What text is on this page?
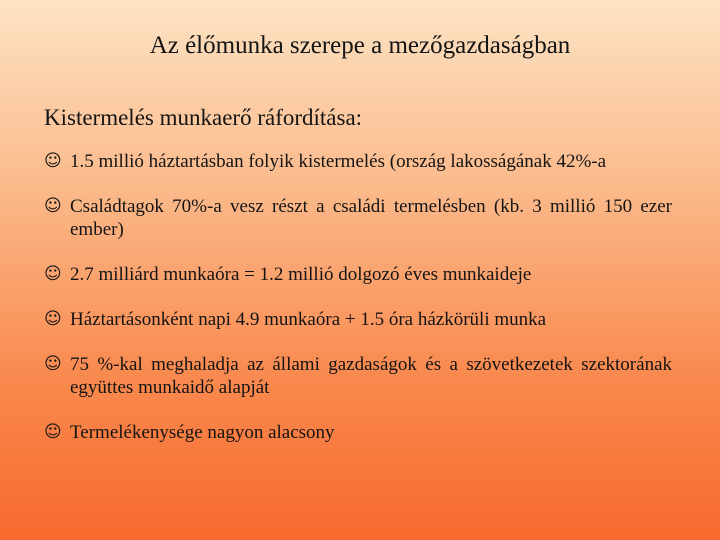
Az élőmunka szerepe a mezőgazdaságban
Kistermelés munkaerő ráfordítása:
☺ 1.5 millió háztartásban folyik kistermelés (ország lakosságának 42%-a
☺ Családtagok 70%-a vesz részt a családi termelésben (kb. 3 millió 150 ezer ember)
☺ 2.7 milliárd munkaóra = 1.2 millió dolgozó éves munkaideje
☺ Háztartásonként napi 4.9 munkaóra + 1.5 óra házkörüli munka
☺ 75 %-kal meghaladja az állami gazdaságok és a szövetkezetek szektorának együttes munkaidő alapját
☺ Termelékenysége nagyon alacsony
